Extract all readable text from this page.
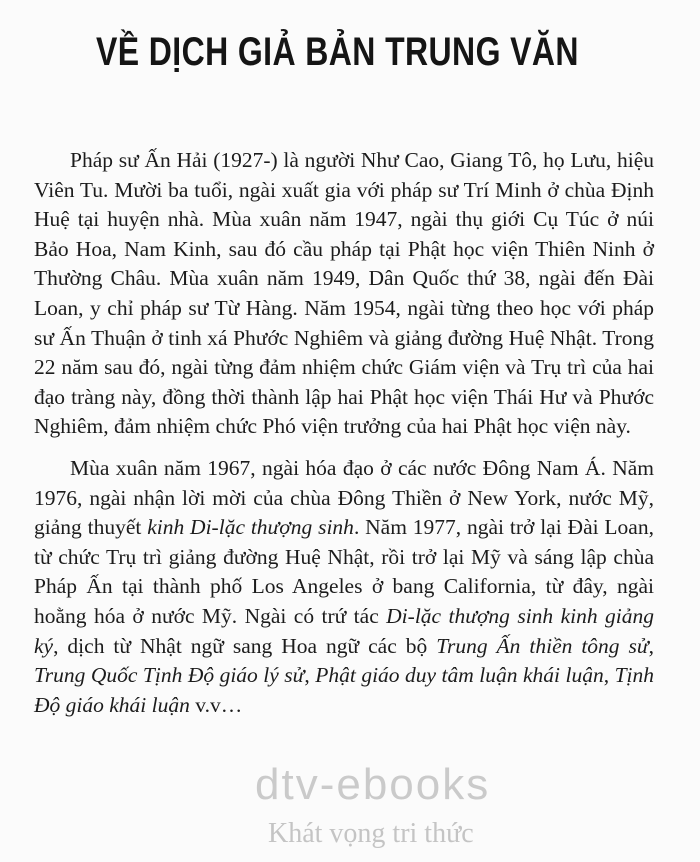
VỀ DỊCH GIẢ BẢN TRUNG VĂN

Pháp sư Ấn Hải (1927-) là người Như Cao, Giang Tô, họ Lưu, hiệu Viên Tu. Mười ba tuổi, ngài xuất gia với pháp sư Trí Minh ở chùa Định Huệ tại huyện nhà. Mùa xuân năm 1947, ngài thụ giới Cụ Túc ở núi Bảo Hoa, Nam Kinh, sau đó cầu pháp tại Phật học viện Thiên Ninh ở Thường Châu. Mùa xuân năm 1949, Dân Quốc thứ 38, ngài đến Đài Loan, y chỉ pháp sư Từ Hàng. Năm 1954, ngài từng theo học với pháp sư Ấn Thuận ở tinh xá Phước Nghiêm và giảng đường Huệ Nhật. Trong 22 năm sau đó, ngài từng đảm nhiệm chức Giám viện và Trụ trì của hai đạo tràng này, đồng thời thành lập hai Phật học viện Thái Hư và Phước Nghiêm, đảm nhiệm chức Phó viện trưởng của hai Phật học viện này.

Mùa xuân năm 1967, ngài hóa đạo ở các nước Đông Nam Á. Năm 1976, ngài nhận lời mời của chùa Đông Thiền ở New York, nước Mỹ, giảng thuyết kinh Di-lặc thượng sinh. Năm 1977, ngài trở lại Đài Loan, từ chức Trụ trì giảng đường Huệ Nhật, rồi trở lại Mỹ và sáng lập chùa Pháp Ấn tại thành phố Los Angeles ở bang California, từ đây, ngài hoằng hóa ở nước Mỹ. Ngài có trứ tác Di-lặc thượng sinh kinh giảng ký, dịch từ Nhật ngữ sang Hoa ngữ các bộ Trung Ấn thiền tông sử, Trung Quốc Tịnh Độ giáo lý sử, Phật giáo duy tâm luận khái luận, Tịnh Độ giáo khái luận v.v…

dtv-ebooks
Khát vọng tri thức
